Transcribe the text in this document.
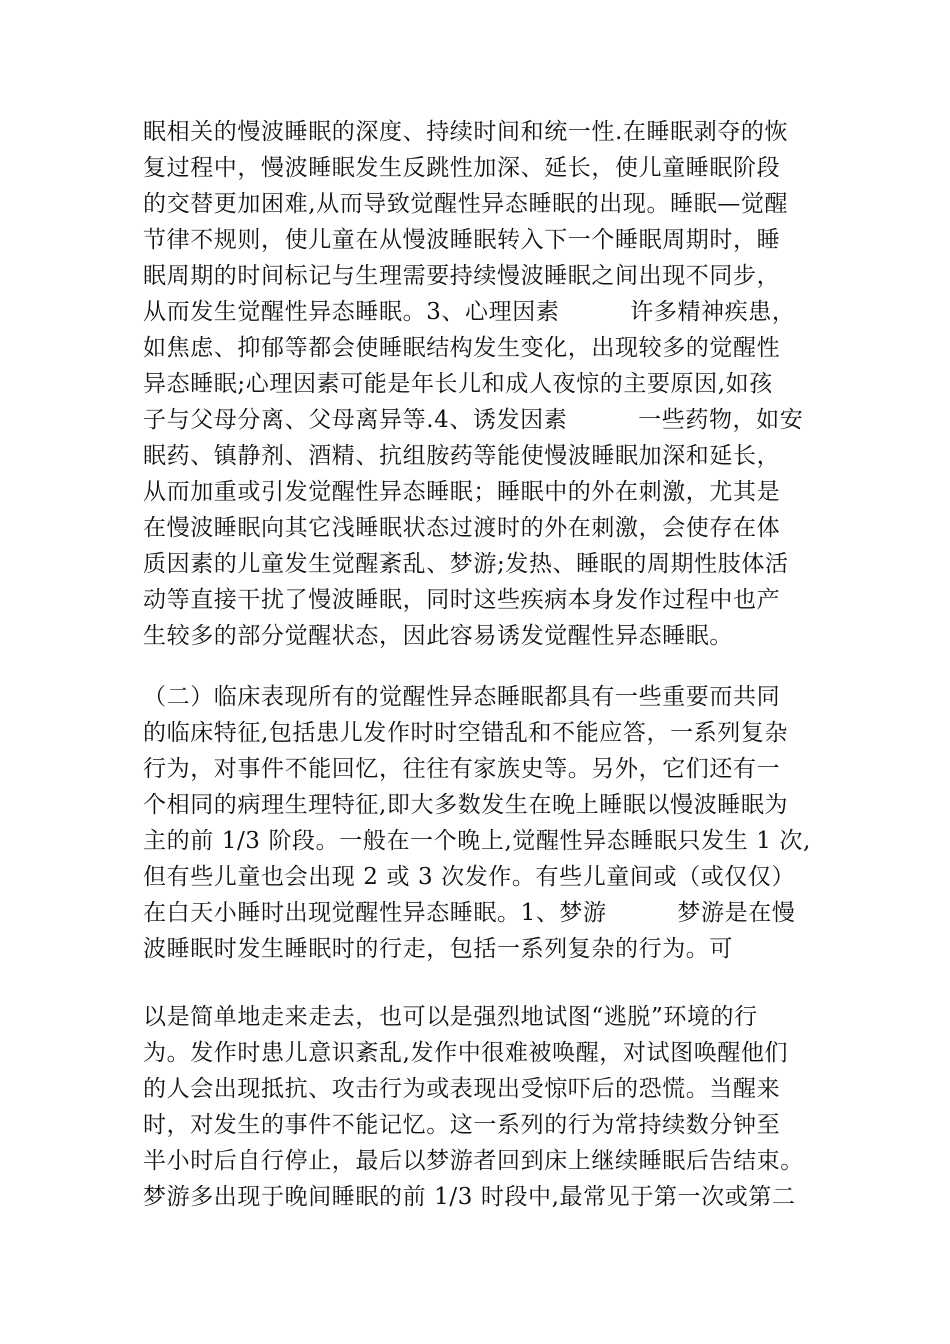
眠相关的慢波睡眠的深度、持续时间和统一性.在睡眠剥夺的恢
复过程中，慢波睡眠发生反跳性加深、延长，使儿童睡眠阶段
的交替更加困难,从而导致觉醒性异态睡眠的出现。睡眠—觉醒
节律不规则，使儿童在从慢波睡眠转入下一个睡眠周期时，睡
眠周期的时间标记与生理需要持续慢波睡眠之间出现不同步，
从而发生觉醒性异态睡眠。3、心理因素　　　许多精神疾患，
如焦虑、抑郁等都会使睡眠结构发生变化，出现较多的觉醒性
异态睡眠;心理因素可能是年长儿和成人夜惊的主要原因,如孩
子与父母分离、父母离异等.4、诱发因素　　　一些药物，如安
眠药、镇静剂、酒精、抗组胺药等能使慢波睡眠加深和延长，
从而加重或引发觉醒性异态睡眠；睡眠中的外在刺激，尤其是
在慢波睡眠向其它浅睡眠状态过渡时的外在刺激，会使存在体
质因素的儿童发生觉醒紊乱、梦游;发热、睡眠的周期性肢体活
动等直接干扰了慢波睡眠，同时这些疾病本身发作过程中也产
生较多的部分觉醒状态，因此容易诱发觉醒性异态睡眠。
（二）临床表现所有的觉醒性异态睡眠都具有一些重要而共同
的临床特征,包括患儿发作时时空错乱和不能应答，一系列复杂
行为，对事件不能回忆，往往有家族史等。另外，它们还有一
个相同的病理生理特征,即大多数发生在晚上睡眠以慢波睡眠为
主的前 1/3 阶段。一般在一个晚上,觉醒性异态睡眠只发生 1 次,
但有些儿童也会出现 2 或 3 次发作。有些儿童间或（或仅仅）
在白天小睡时出现觉醒性异态睡眠。1、梦游　　　梦游是在慢
波睡眠时发生睡眠时的行走，包括一系列复杂的行为。可
以是简单地走来走去，也可以是强烈地试图“逃脱”环境的行
为。发作时患儿意识紊乱,发作中很难被唤醒，对试图唤醒他们
的人会出现抵抗、攻击行为或表现出受惊吓后的恐慌。当醒来
时，对发生的事件不能记忆。这一系列的行为常持续数分钟至
半小时后自行停止，最后以梦游者回到床上继续睡眠后告结束。
梦游多出现于晚间睡眠的前 1/3 时段中,最常见于第一次或第二
